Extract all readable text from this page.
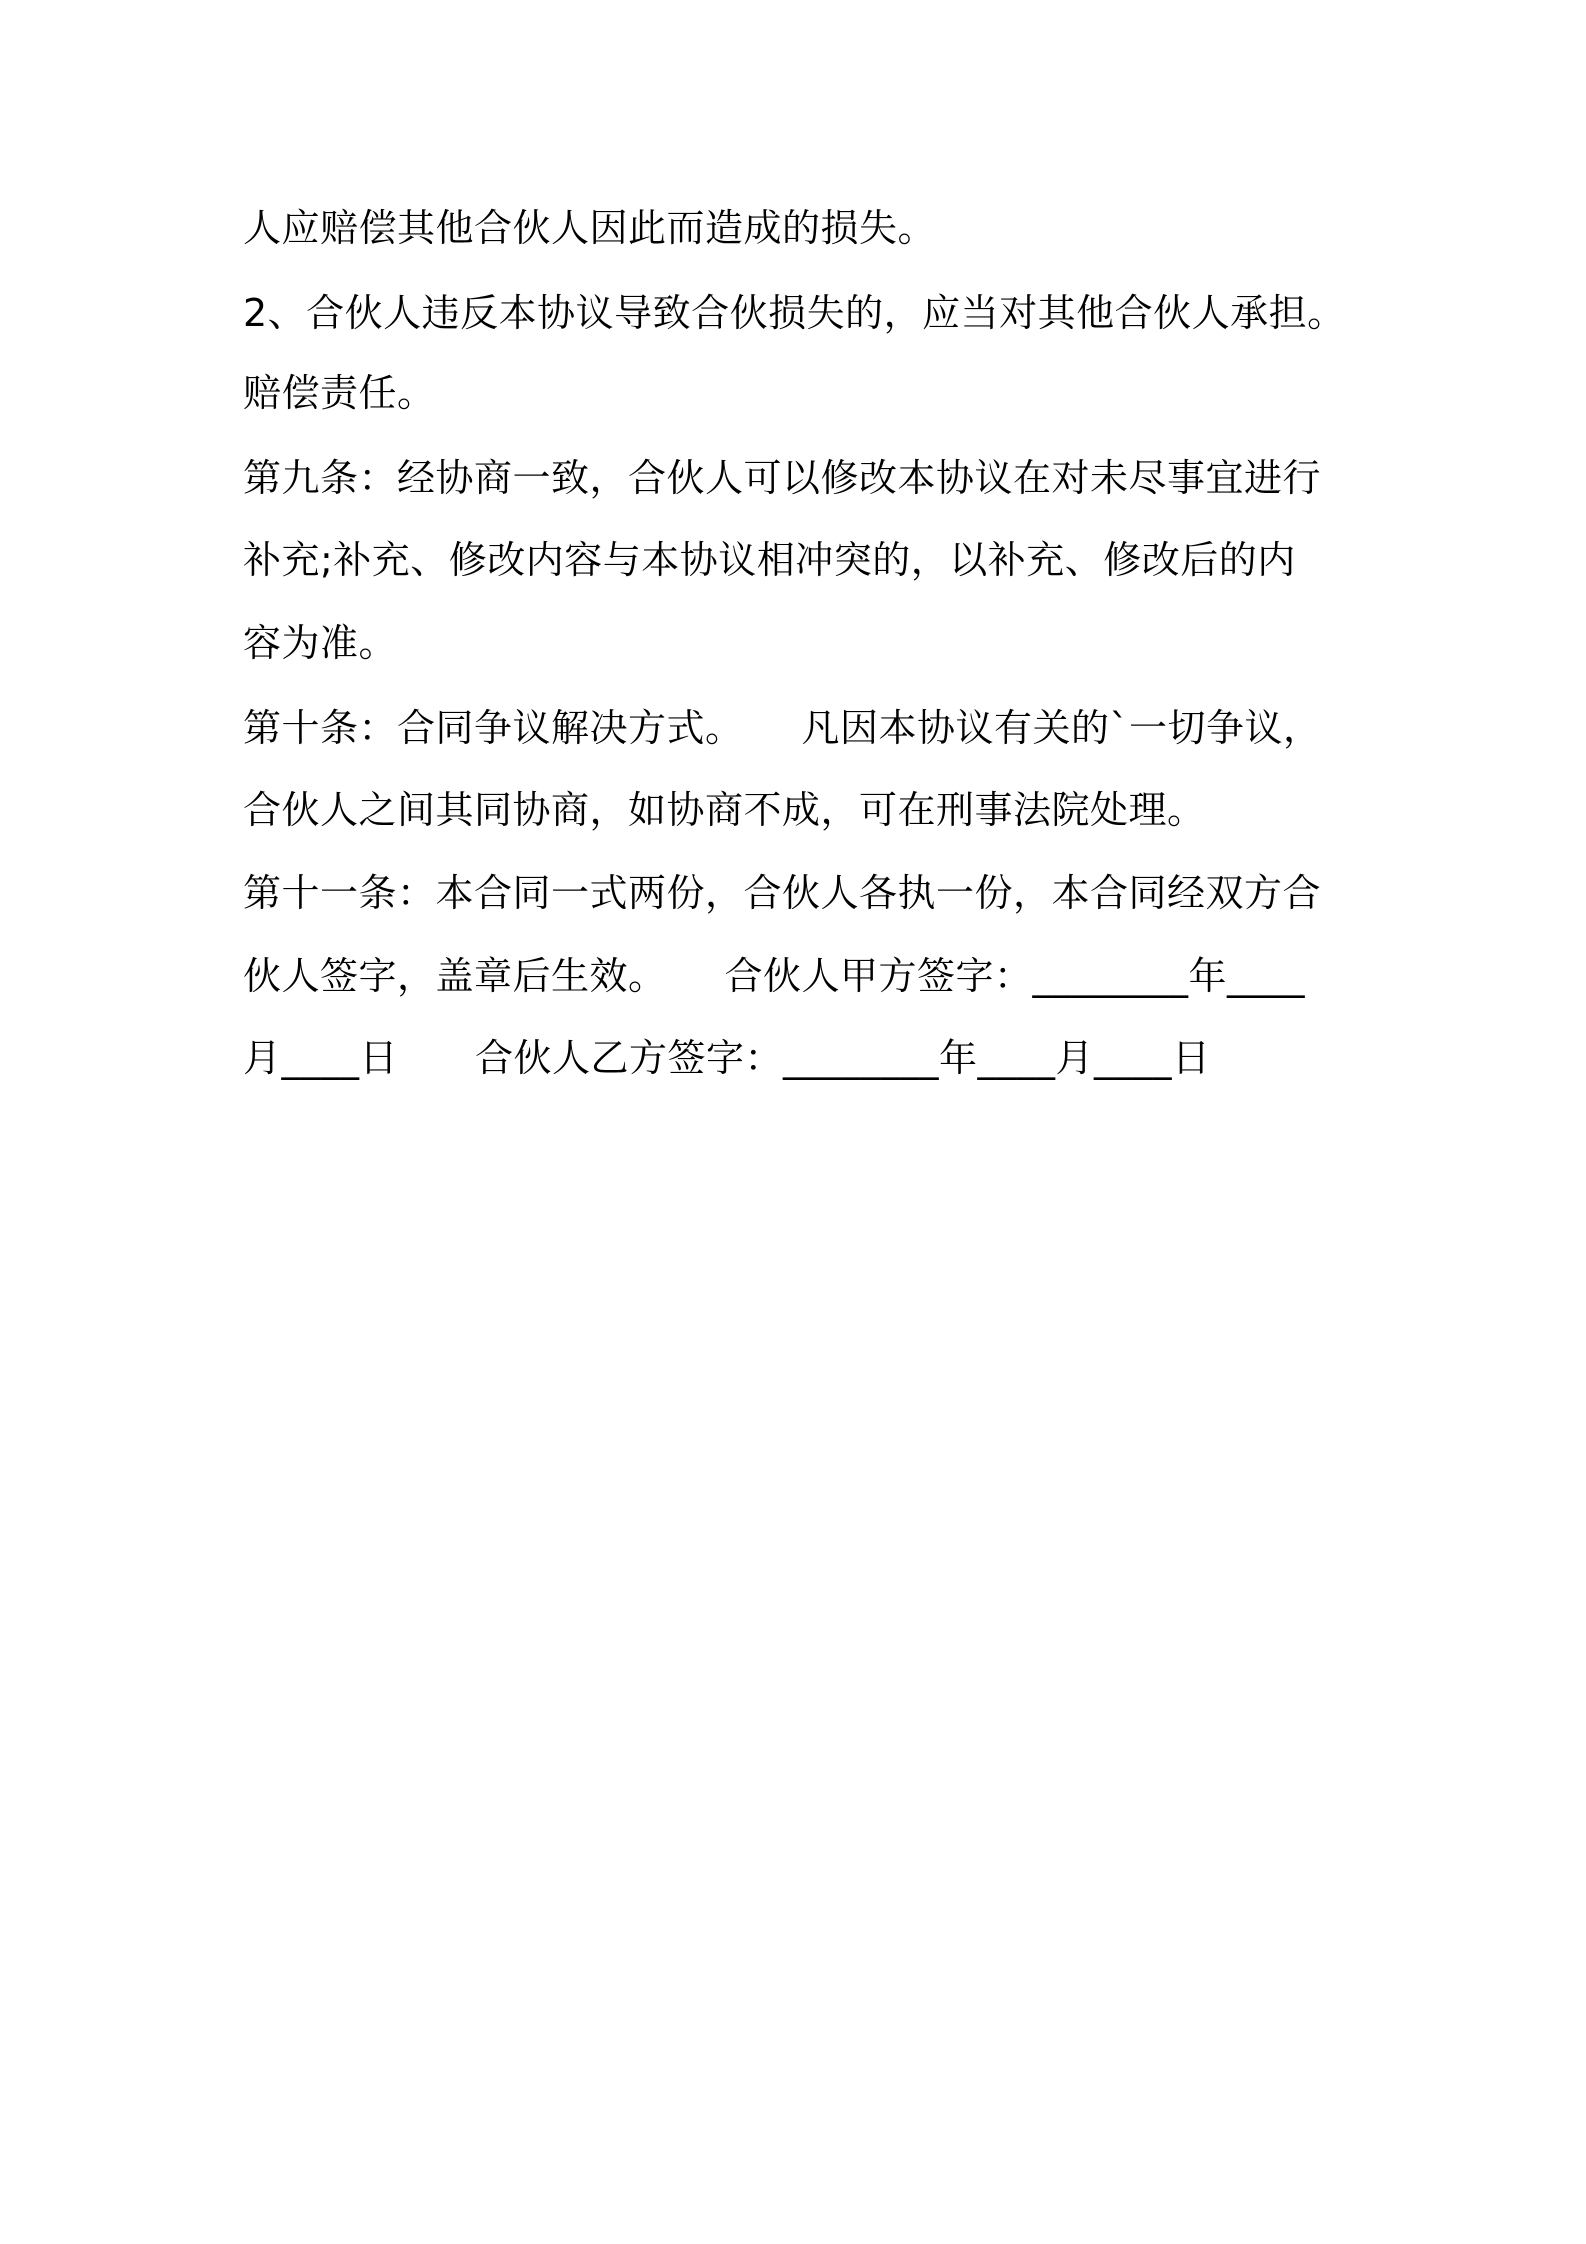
人应赔偿其他合伙人因此而造成的损失。
2、合伙人违反本协议导致合伙损失的，应当对其他合伙人承担。
赔偿责任。
第九条：经协商一致，合伙人可以修改本协议在对未尽事宜进行
补充;补充、修改内容与本协议相冲突的，以补充、修改后的内
容为准。
第十条：合同争议解决方式。　　凡因本协议有关的`一切争议，
合伙人之间其同协商，如协商不成，可在刑事法院处理。
第十一条：本合同一式两份，合伙人各执一份，本合同经双方合
伙人签字，盖章后生效。　　合伙人甲方签字：________年____
月____日　　合伙人乙方签字：________年____月____日
